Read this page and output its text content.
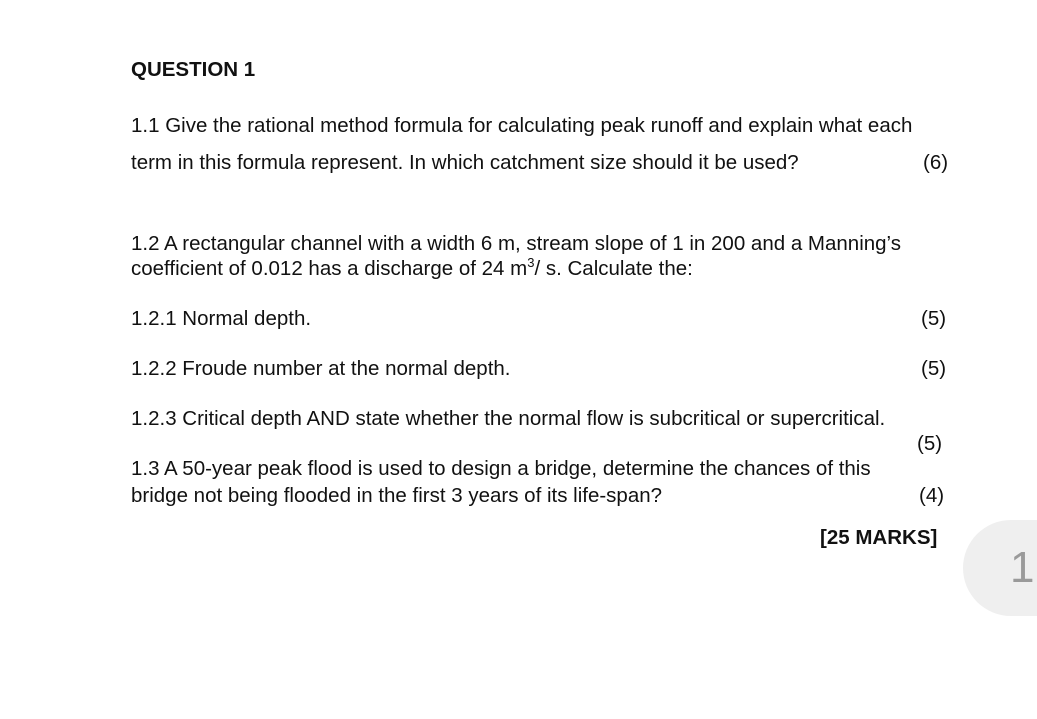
QUESTION 1
1.1 Give the rational method formula for calculating peak runoff and explain what each
term in this formula represent. In which catchment size should it be used?	(6)
1.2 A rectangular channel with a width 6 m, stream slope of 1 in 200 and a Manning’s
coefficient of 0.012 has a discharge of 24 $m^3/$ s. Calculate the:
1.2.1 Normal depth.	(5)
1.2.2 Froude number at the normal depth.	(5)
1.2.3 Critical depth AND state whether the normal flow is subcritical or supercritical.
(5)
1.3 A 50-year peak flood is used to design a bridge, determine the chances of this
bridge not being flooded in the first 3 years of its life-span?	(4)
[25 MARKS]
1
